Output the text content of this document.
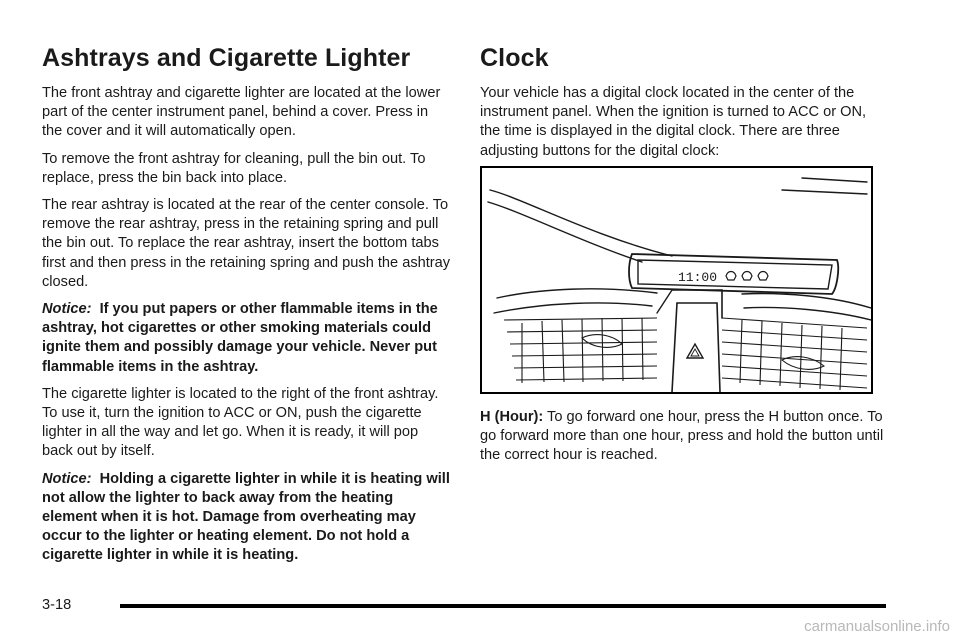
Ashtrays and Cigarette Lighter

The front ashtray and cigarette lighter are located at the lower part of the center instrument panel, behind a cover. Press in the cover and it will automatically open.

To remove the front ashtray for cleaning, pull the bin out. To replace, press the bin back into place.

The rear ashtray is located at the rear of the center console. To remove the rear ashtray, press in the retaining spring and pull the bin out. To replace the rear ashtray, insert the bottom tabs first and then press in the retaining spring and push the ashtray closed.

Notice: If you put papers or other flammable items in the ashtray, hot cigarettes or other smoking materials could ignite them and possibly damage your vehicle. Never put flammable items in the ashtray.

The cigarette lighter is located to the right of the front ashtray. To use it, turn the ignition to ACC or ON, push the cigarette lighter in all the way and let go. When it is ready, it will pop back out by itself.

Notice: Holding a cigarette lighter in while it is heating will not allow the lighter to back away from the heating element when it is hot. Damage from overheating may occur to the lighter or heating element. Do not hold a cigarette lighter in while it is heating.

Clock

Your vehicle has a digital clock located in the center of the instrument panel. When the ignition is turned to ACC or ON, the time is displayed in the digital clock. There are three adjusting buttons for the digital clock:

11:00

H (Hour): To go forward one hour, press the H button once. To go forward more than one hour, press and hold the button until the correct hour is reached.

3-18
carmanualsonline.info
